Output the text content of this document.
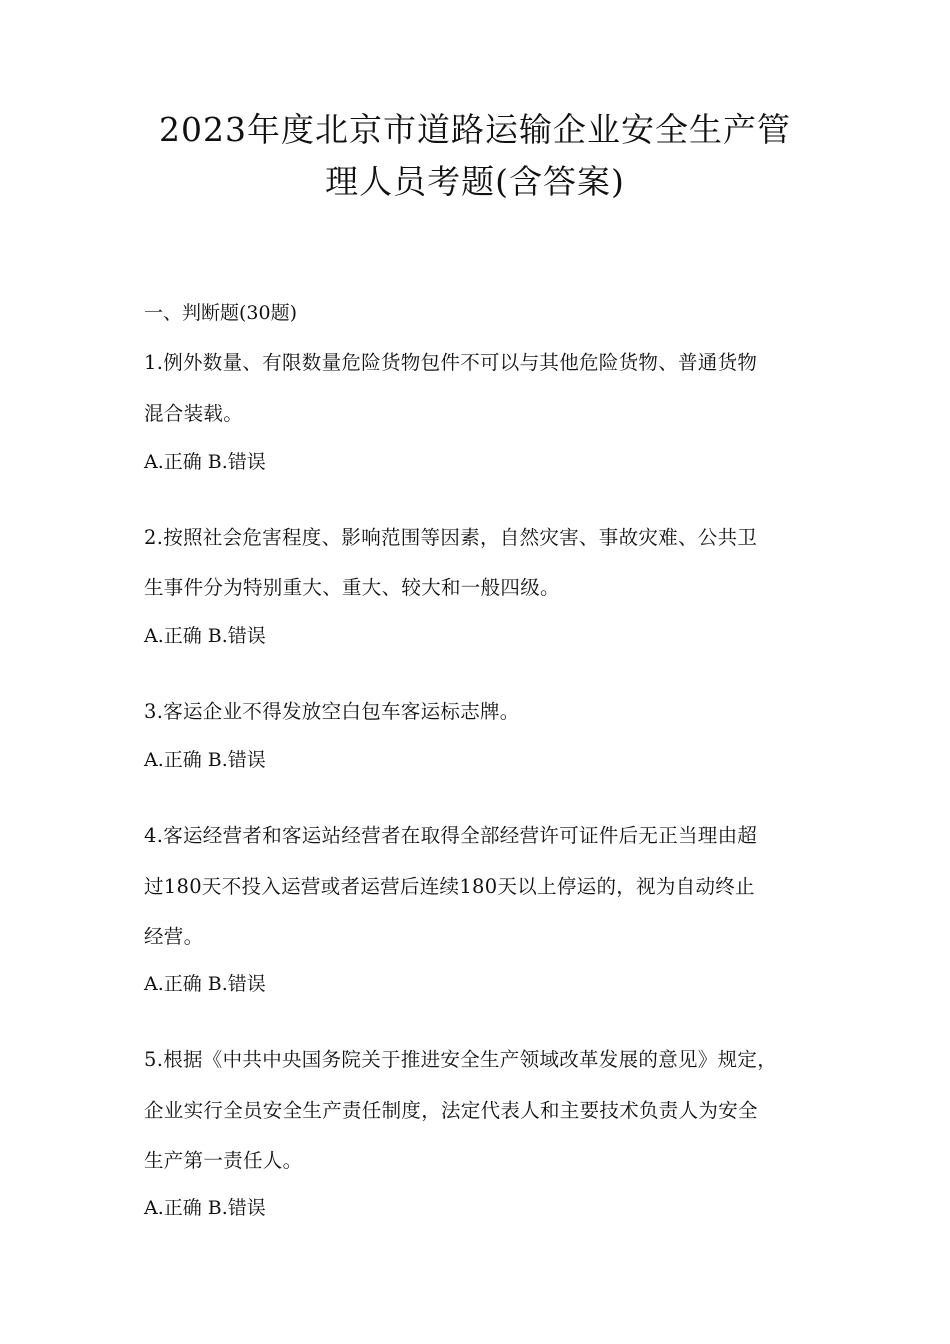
2023年度北京市道路运输企业安全生产管
理人员考题(含答案)
一、判断题(30题)
1.例外数量、有限数量危险货物包件不可以与其他危险货物、普通货物
混合装载。
A.正确 B.错误
2.按照社会危害程度、影响范围等因素，自然灾害、事故灾难、公共卫
生事件分为特别重大、重大、较大和一般四级。
A.正确 B.错误
3.客运企业不得发放空白包车客运标志牌。
A.正确 B.错误
4.客运经营者和客运站经营者在取得全部经营许可证件后无正当理由超
过180天不投入运营或者运营后连续180天以上停运的，视为自动终止
经营。
A.正确 B.错误
5.根据《中共中央国务院关于推进安全生产领域改革发展的意见》规定，
企业实行全员安全生产责任制度，法定代表人和主要技术负责人为安全
生产第一责任人。
A.正确 B.错误
